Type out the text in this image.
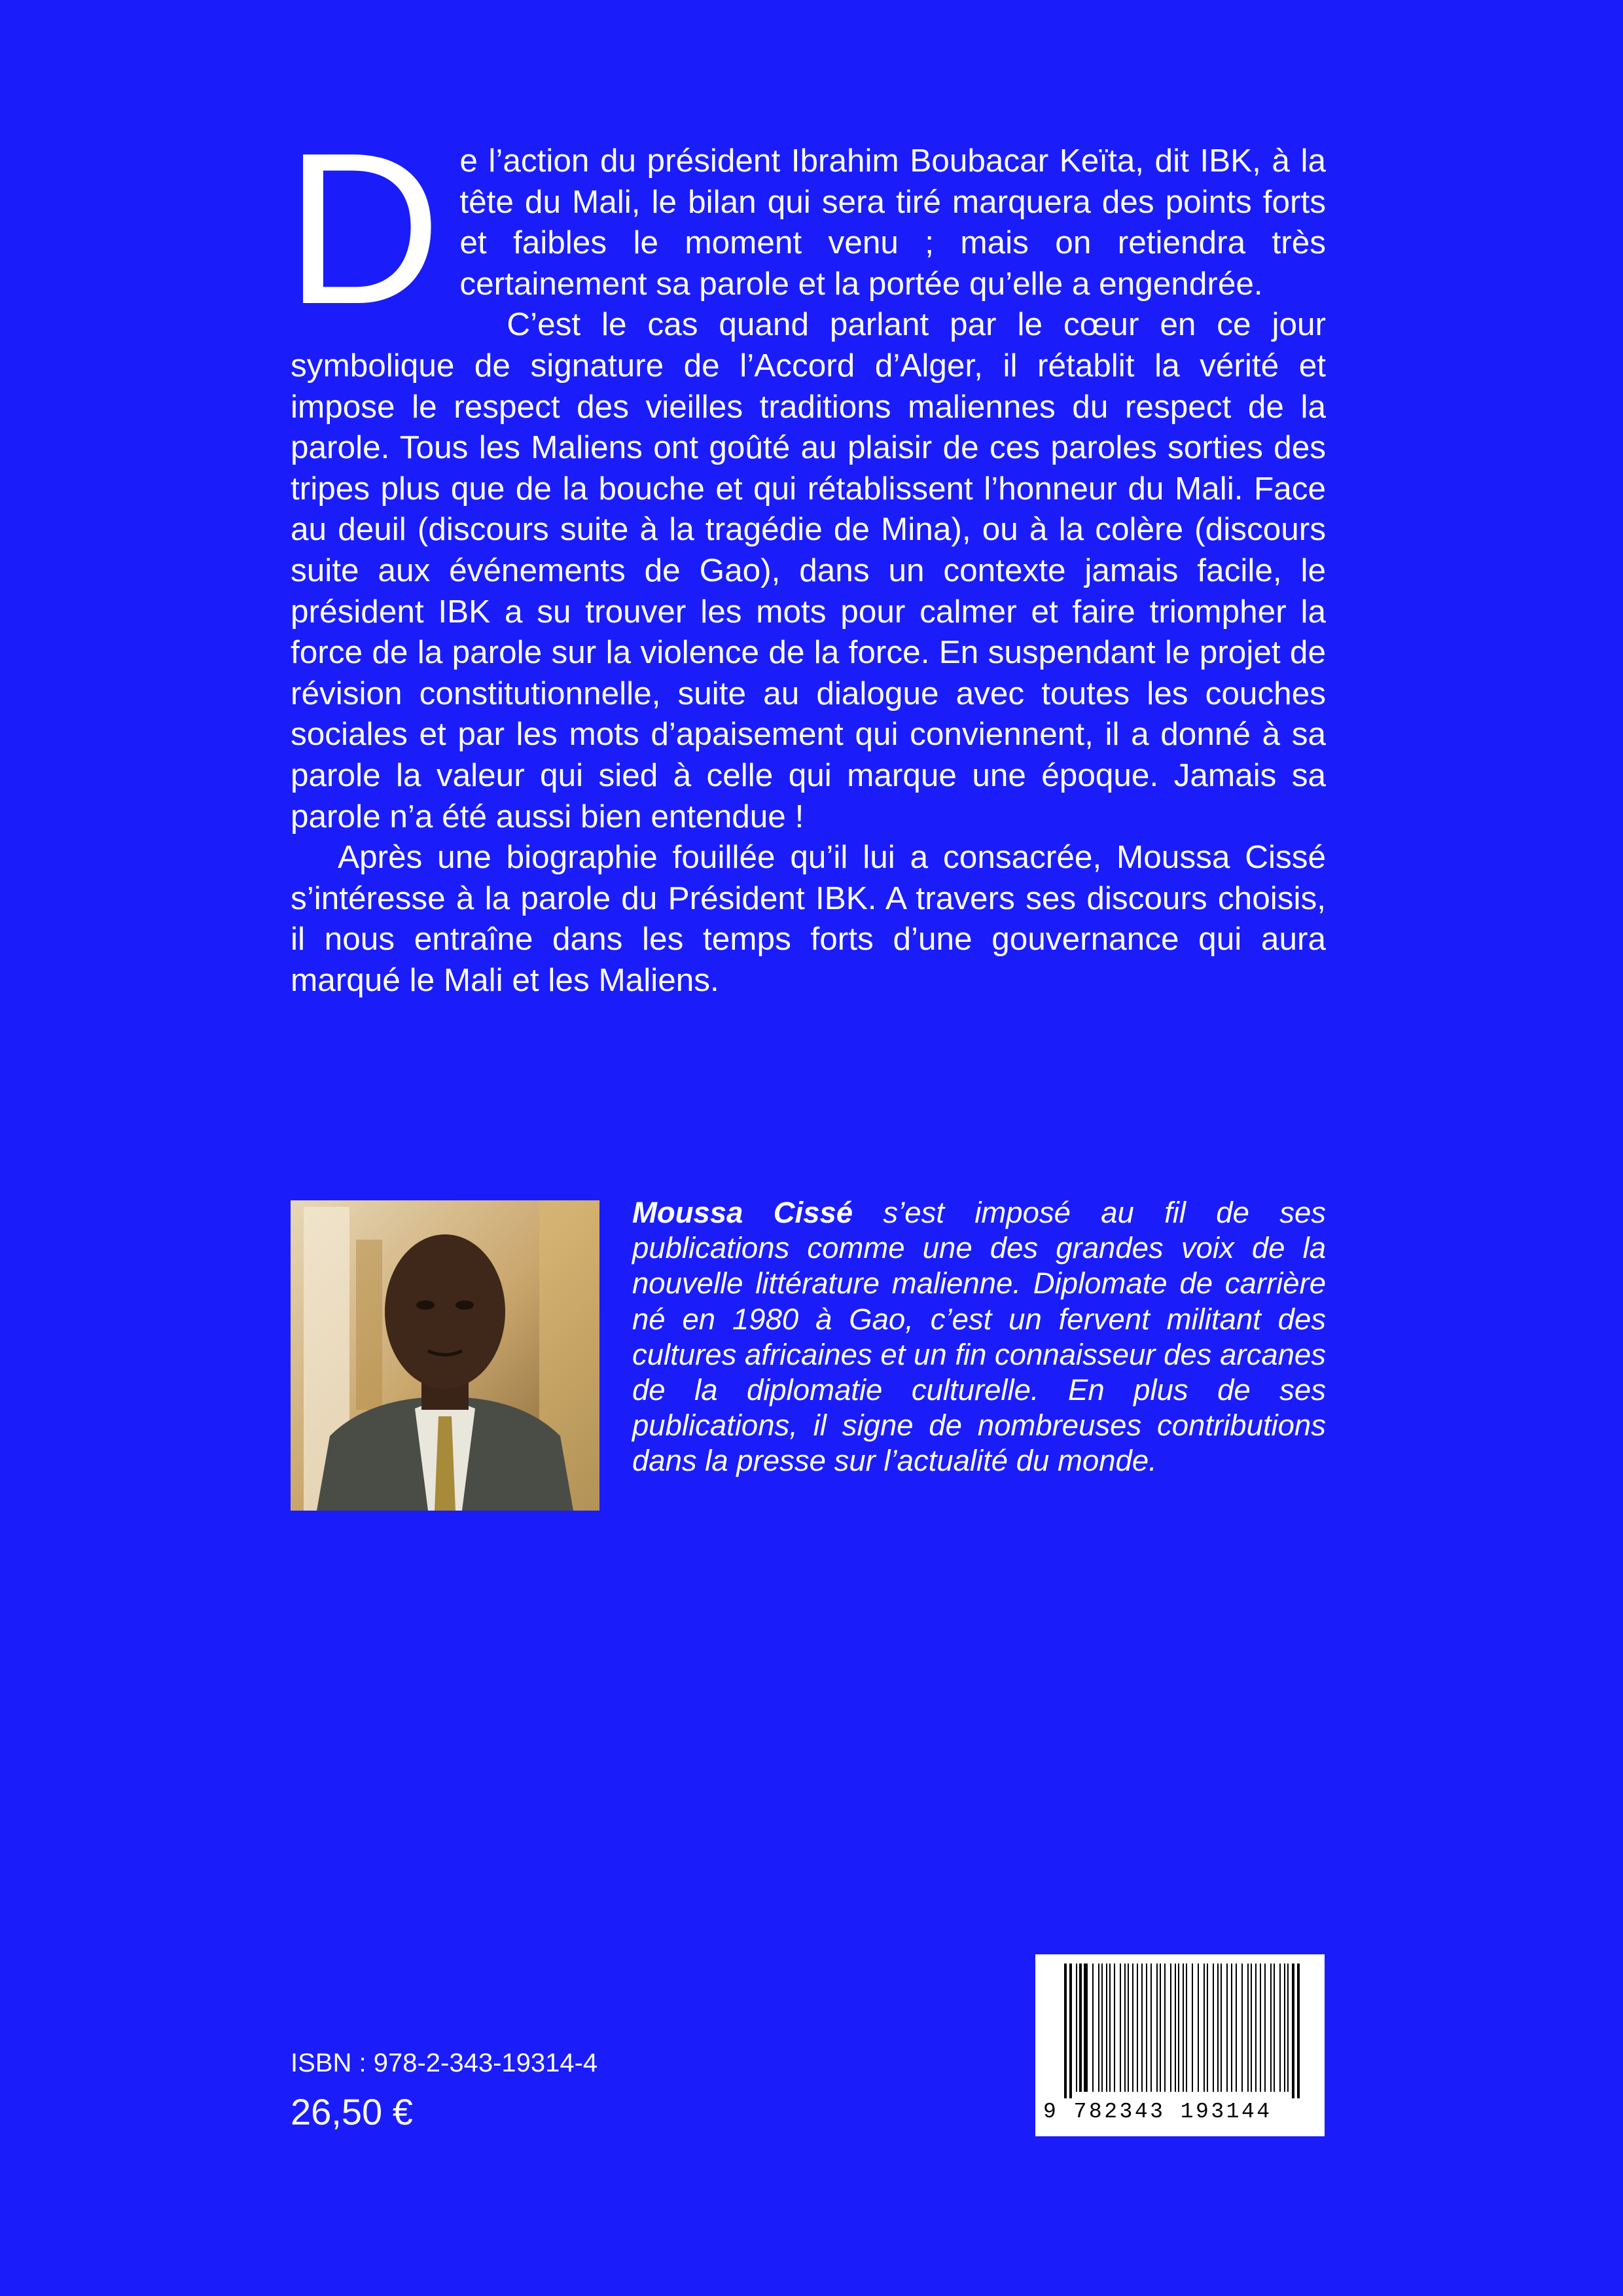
De l’action du président Ibrahim Boubacar Keïta, dit IBK, à la tête du Mali, le bilan qui sera tiré marquera des points forts et faibles le moment venu ; mais on retiendra très certainement sa parole et la portée qu’elle a engendrée.

C’est le cas quand parlant par le cœur en ce jour symbolique de signature de l’Accord d’Alger, il rétablit la vérité et impose le respect des vieilles traditions maliennes du respect de la parole. Tous les Maliens ont goûté au plaisir de ces paroles sorties des tripes plus que de la bouche et qui rétablissent l’honneur du Mali. Face au deuil (discours suite à la tragédie de Mina), ou à la colère (discours suite aux événements de Gao), dans un contexte jamais facile, le président IBK a su trouver les mots pour calmer et faire triompher la force de la parole sur la violence de la force. En suspendant le projet de révision constitutionnelle, suite au dialogue avec toutes les couches sociales et par les mots d’apaisement qui conviennent, il a donné à sa parole la valeur qui sied à celle qui marque une époque. Jamais sa parole n’a été aussi bien entendue !

Après une biographie fouillée qu’il lui a consacrée, Moussa Cissé s’intéresse à la parole du Président IBK. A travers ses discours choisis, il nous entraîne dans les temps forts d’une gouvernance qui aura marqué le Mali et les Maliens.

Moussa Cissé s’est imposé au fil de ses publications comme une des grandes voix de la nouvelle littérature malienne. Diplomate de carrière né en 1980 à Gao, c’est un fervent militant des cultures africaines et un fin connaisseur des arcanes de la diplomatie culturelle. En plus de ses publications, il signe de nombreuses contributions dans la presse sur l’actualité du monde.

ISBN : 978-2-343-19314-4

26,50 €	9 782343 193144
